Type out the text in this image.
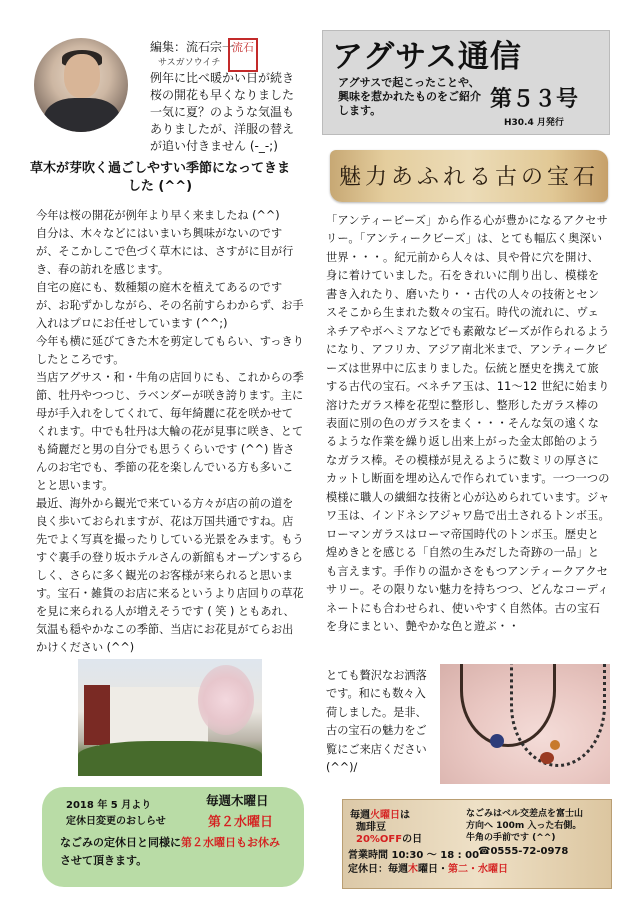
編集：流石宗一
サスガソウイチ
流石
例年に比べ暖かい日が続き桜の開花も早くなりました一気に夏？のような気温もありましたが、洋服の替えが追い付きません (-_-;)
アグサス通信
アグサスで起こったことや、興味を惹かれたものをご紹介します。	第５３号
H30.4 月発行
草木が芽吹く過ごしやすい季節になってきました (^^)

今年は桜の開花が例年より早く来ましたね (^^)
自分は、木々などにはいまいち興味がないのですが、そこかしこで色づく草木には、さすがに目が行き、春の訪れを感じます。
自宅の庭にも、数種類の庭木を植えてあるのですが、お恥ずかしながら、その名前すらわからず、お手入れはプロにお任せしています (^^;)
今年も横に延びてきた木を剪定してもらい、すっきりしたところです。
当店アグサス・和・牛角の店回りにも、これからの季節、牡丹やつつじ、ラベンダーが咲き誇ります。主に母が手入れをしてくれて、毎年綺麗に花を咲かせてくれます。中でも牡丹は大輪の花が見事に咲き、とても綺麗だと男の自分でも思うくらいです (^^) 皆さんのお宅でも、季節の花を楽しんでいる方も多いことと思います。
最近、海外から観光で来ている方々が店の前の道を良く歩いておられますが、花は万国共通ですね。店先でよく写真を撮ったりしている光景をみます。もうすぐ裏手の登り坂ホテルさんの新館もオープンするらしく、さらに多く観光のお客様が来られると思います。宝石・雑貨のお店に来るというより店回りの草花を見に来られる人が増えそうです ( 笑 ) ともあれ、気温も穏やかなこの季節、当店にお花見がてらお出かけください (^^)

2018 年 5 月より
定休日変更のおしらせ
毎週木曜日
第２水曜日
なごみの定休日と同様に第２水曜日もお休み
させて頂きます。
魅力あふれる古の宝石
「アンティービーズ」から作る心が豊かになるアクセサリー。「アンティークビーズ」は、とても幅広く奥深い世界・・・。紀元前から人々は、貝や骨に穴を開け、身に着けていました。石をきれいに削り出し、模様を書き入れたり、磨いたり・・古代の人々の技術とセンスそこから生まれた数々の宝石。時代の流れに、ヴェネチアやボヘミアなどでも素敵なビーズが作られるようになり、アフリカ、アジア南北米まで、アンティークビーズは世界中に広まりました。伝統と歴史を携えて旅する古代の宝石。ベネチア玉は、11～12 世紀に始まり溶けたガラス棒を花型に整形し、整形したガラス棒の表面に別の色のガラスをまく・・・そんな気の遠くなるような作業を繰り返し出来上がった金太郎飴のようなガラス棒。その模様が見えるように数ミリの厚さにカットし断面を埋め込んで作られています。一つ一つの模様に職人の繊細な技術と心が込められています。ジャワ玉は、インドネシアジャワ島で出土されるトンボ玉。ローマンガラスはローマ帝国時代のトンボ玉。歴史と煌めきとを感じる「自然の生みだした奇跡の一品」とも言えます。手作りの温かさをもつアンティークアクセサリー。その限りない魅力を持ちつつ、どんなコーディネートにも合わせられ、使いやすく自然体。古の宝石を身にまとい、艶やかな色と遊ぶ・・
とても贅沢なお洒落です。和にも数々入荷しました。是非、古の宝石の魅力をご覧にご来店ください (^^)/
毎週火曜日は
珈琲豆
20%OFFの日
なごみはベル交差点を富士山
方向へ 100m 入った右側。
牛角の手前です (^^)
営業時間 10:30 ～ 18 : 00
☎0555-72-0978
定休日：毎週木曜日・第二・水曜日
